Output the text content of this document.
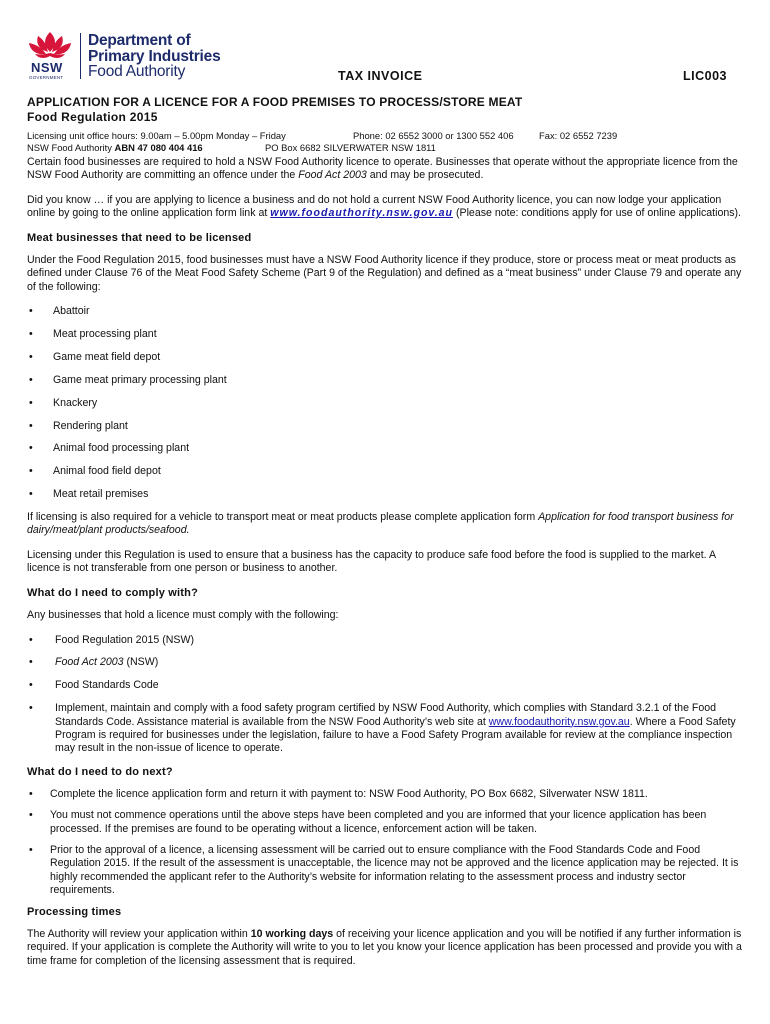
NSW
GOVERNMENT
Department of
Primary Industries
Food Authority	TAX INVOICE	LIC003
APPLICATION FOR A LICENCE FOR A FOOD PREMISES TO PROCESS/STORE MEAT
Food Regulation 2015
Licensing unit office hours: 9.00am – 5.00pm Monday – Friday	Phone: 02 6552 3000 or 1300 552 406	Fax: 02 6552 7239
NSW Food Authority ABN 47 080 404 416	PO Box 6682 SILVERWATER NSW 1811

Certain food businesses are required to hold a NSW Food Authority licence to operate. Businesses that operate without the appropriate licence from the NSW Food Authority are committing an offence under the Food Act 2003 and may be prosecuted.

Did you know … if you are applying to licence a business and do not hold a current NSW Food Authority licence, you can now lodge your application online by going to the online application form link at www.foodauthority.nsw.gov.au (Please note: conditions apply for use of online applications).

Meat businesses that need to be licensed

Under the Food Regulation 2015, food businesses must have a NSW Food Authority licence if they produce, store or process meat or meat products as defined under Clause 76 of the Meat Food Safety Scheme (Part 9 of the Regulation) and defined as a “meat business” under Clause 79 and operate any of the following:

• Abattoir
• Meat processing plant
• Game meat field depot
• Game meat primary processing plant
• Knackery
• Rendering plant
• Animal food processing plant
• Animal food field depot
• Meat retail premises

If licensing is also required for a vehicle to transport meat or meat products please complete application form Application for food transport business for dairy/meat/plant products/seafood.

Licensing under this Regulation is used to ensure that a business has the capacity to produce safe food before the food is supplied to the market. A licence is not transferable from one person or business to another.

What do I need to comply with?

Any businesses that hold a licence must comply with the following:

• Food Regulation 2015 (NSW)
• Food Act 2003 (NSW)
• Food Standards Code
• Implement, maintain and comply with a food safety program certified by NSW Food Authority, which complies with Standard 3.2.1 of the Food Standards Code. Assistance material is available from the NSW Food Authority’s web site at www.foodauthority.nsw.gov.au. Where a Food Safety Program is required for businesses under the legislation, failure to have a Food Safety Program available for review at the compliance inspection may result in the non-issue of licence to operate.
What do I need to do next?
• Complete the licence application form and return it with payment to: NSW Food Authority, PO Box 6682, Silverwater NSW 1811.
• You must not commence operations until the above steps have been completed and you are informed that your licence application has been processed. If the premises are found to be operating without a licence, enforcement action will be taken.
• Prior to the approval of a licence, a licensing assessment will be carried out to ensure compliance with the Food Standards Code and Food Regulation 2015. If the result of the assessment is unacceptable, the licence may not be approved and the licence application may be rejected. It is highly recommended the applicant refer to the Authority’s website for information relating to the assessment process and industry sector requirements.
Processing times

The Authority will review your application within 10 working days of receiving your licence application and you will be notified if any further information is required. If your application is complete the Authority will write to you to let you know your licence application has been processed and provide you with a time frame for completion of the licensing assessment that is required.
